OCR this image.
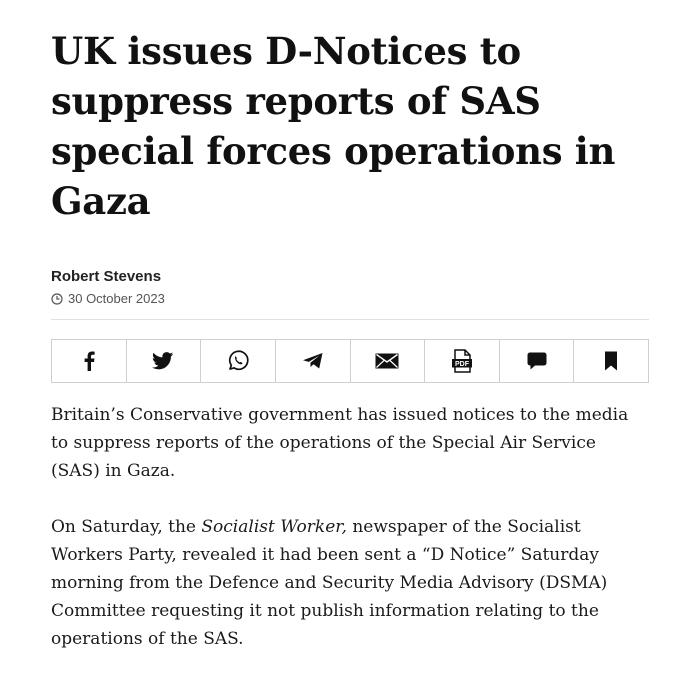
UK issues D-Notices to suppress reports of SAS special forces operations in Gaza
Robert Stevens
30 October 2023
PDF

Britain’s Conservative government has issued notices to the media to suppress reports of the operations of the Special Air Service (SAS) in Gaza.

On Saturday, the Socialist Worker, newspaper of the Socialist Workers Party, revealed it had been sent a “D Notice” Saturday morning from the Defence and Security Media Advisory (DSMA) Committee requesting it not publish information relating to the operations of the SAS.
